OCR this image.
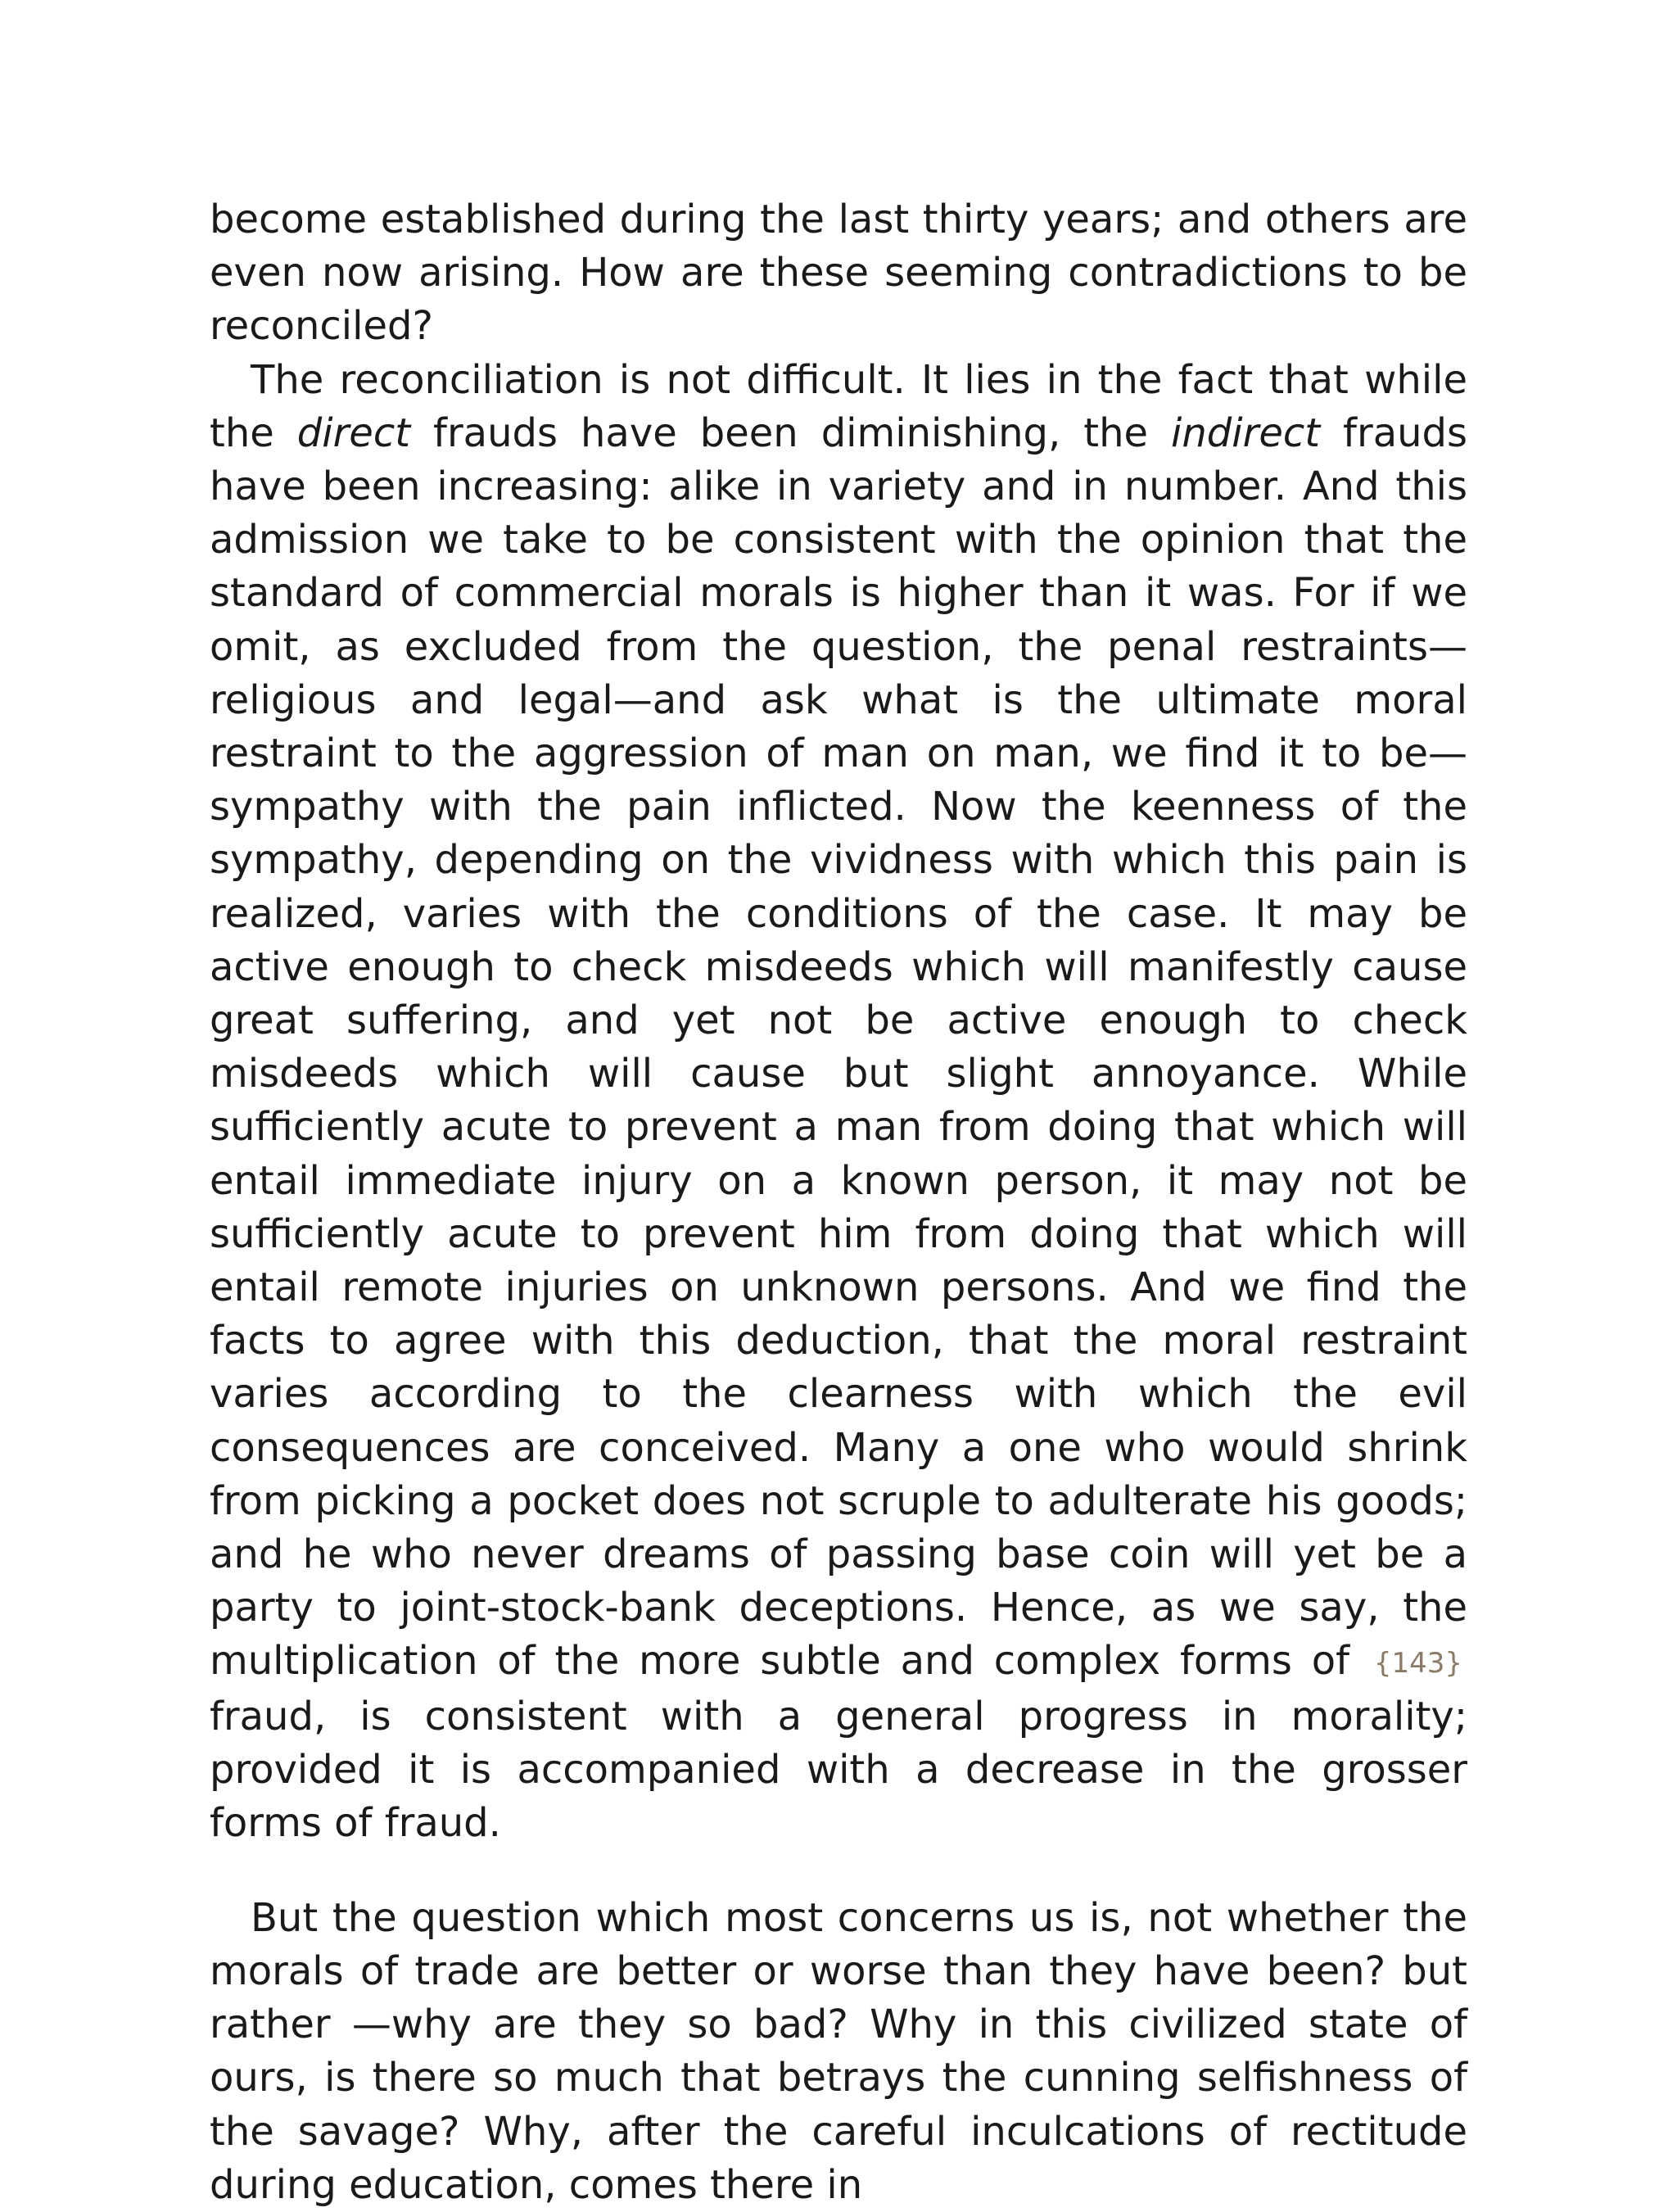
become established during the last thirty years; and others are even now arising. How are these seeming contradictions to be reconciled?

The reconciliation is not difficult. It lies in the fact that while the direct frauds have been diminishing, the indirect frauds have been increasing: alike in variety and in number. And this admission we take to be consistent with the opinion that the standard of commercial morals is higher than it was. For if we omit, as excluded from the question, the penal restraints—religious and legal—and ask what is the ultimate moral restraint to the aggression of man on man, we find it to be—sympathy with the pain inflicted. Now the keenness of the sympathy, depending on the vividness with which this pain is realized, varies with the conditions of the case. It may be active enough to check misdeeds which will manifestly cause great suffering, and yet not be active enough to check misdeeds which will cause but slight annoyance. While sufficiently acute to prevent a man from doing that which will entail immediate injury on a known person, it may not be sufficiently acute to prevent him from doing that which will entail remote injuries on unknown persons. And we find the facts to agree with this deduction, that the moral restraint varies according to the clearness with which the evil consequences are conceived. Many a one who would shrink from picking a pocket does not scruple to adulterate his goods; and he who never dreams of passing base coin will yet be a party to joint-stock-bank deceptions. Hence, as we say, the multiplication of the more subtle and complex forms of {143} fraud, is consistent with a general progress in morality; provided it is accompanied with a decrease in the grosser forms of fraud.

But the question which most concerns us is, not whether the morals of trade are better or worse than they have been? but rather —why are they so bad? Why in this civilized state of ours, is there so much that betrays the cunning selfishness of the savage? Why, after the careful inculcations of rectitude during education, comes there in
